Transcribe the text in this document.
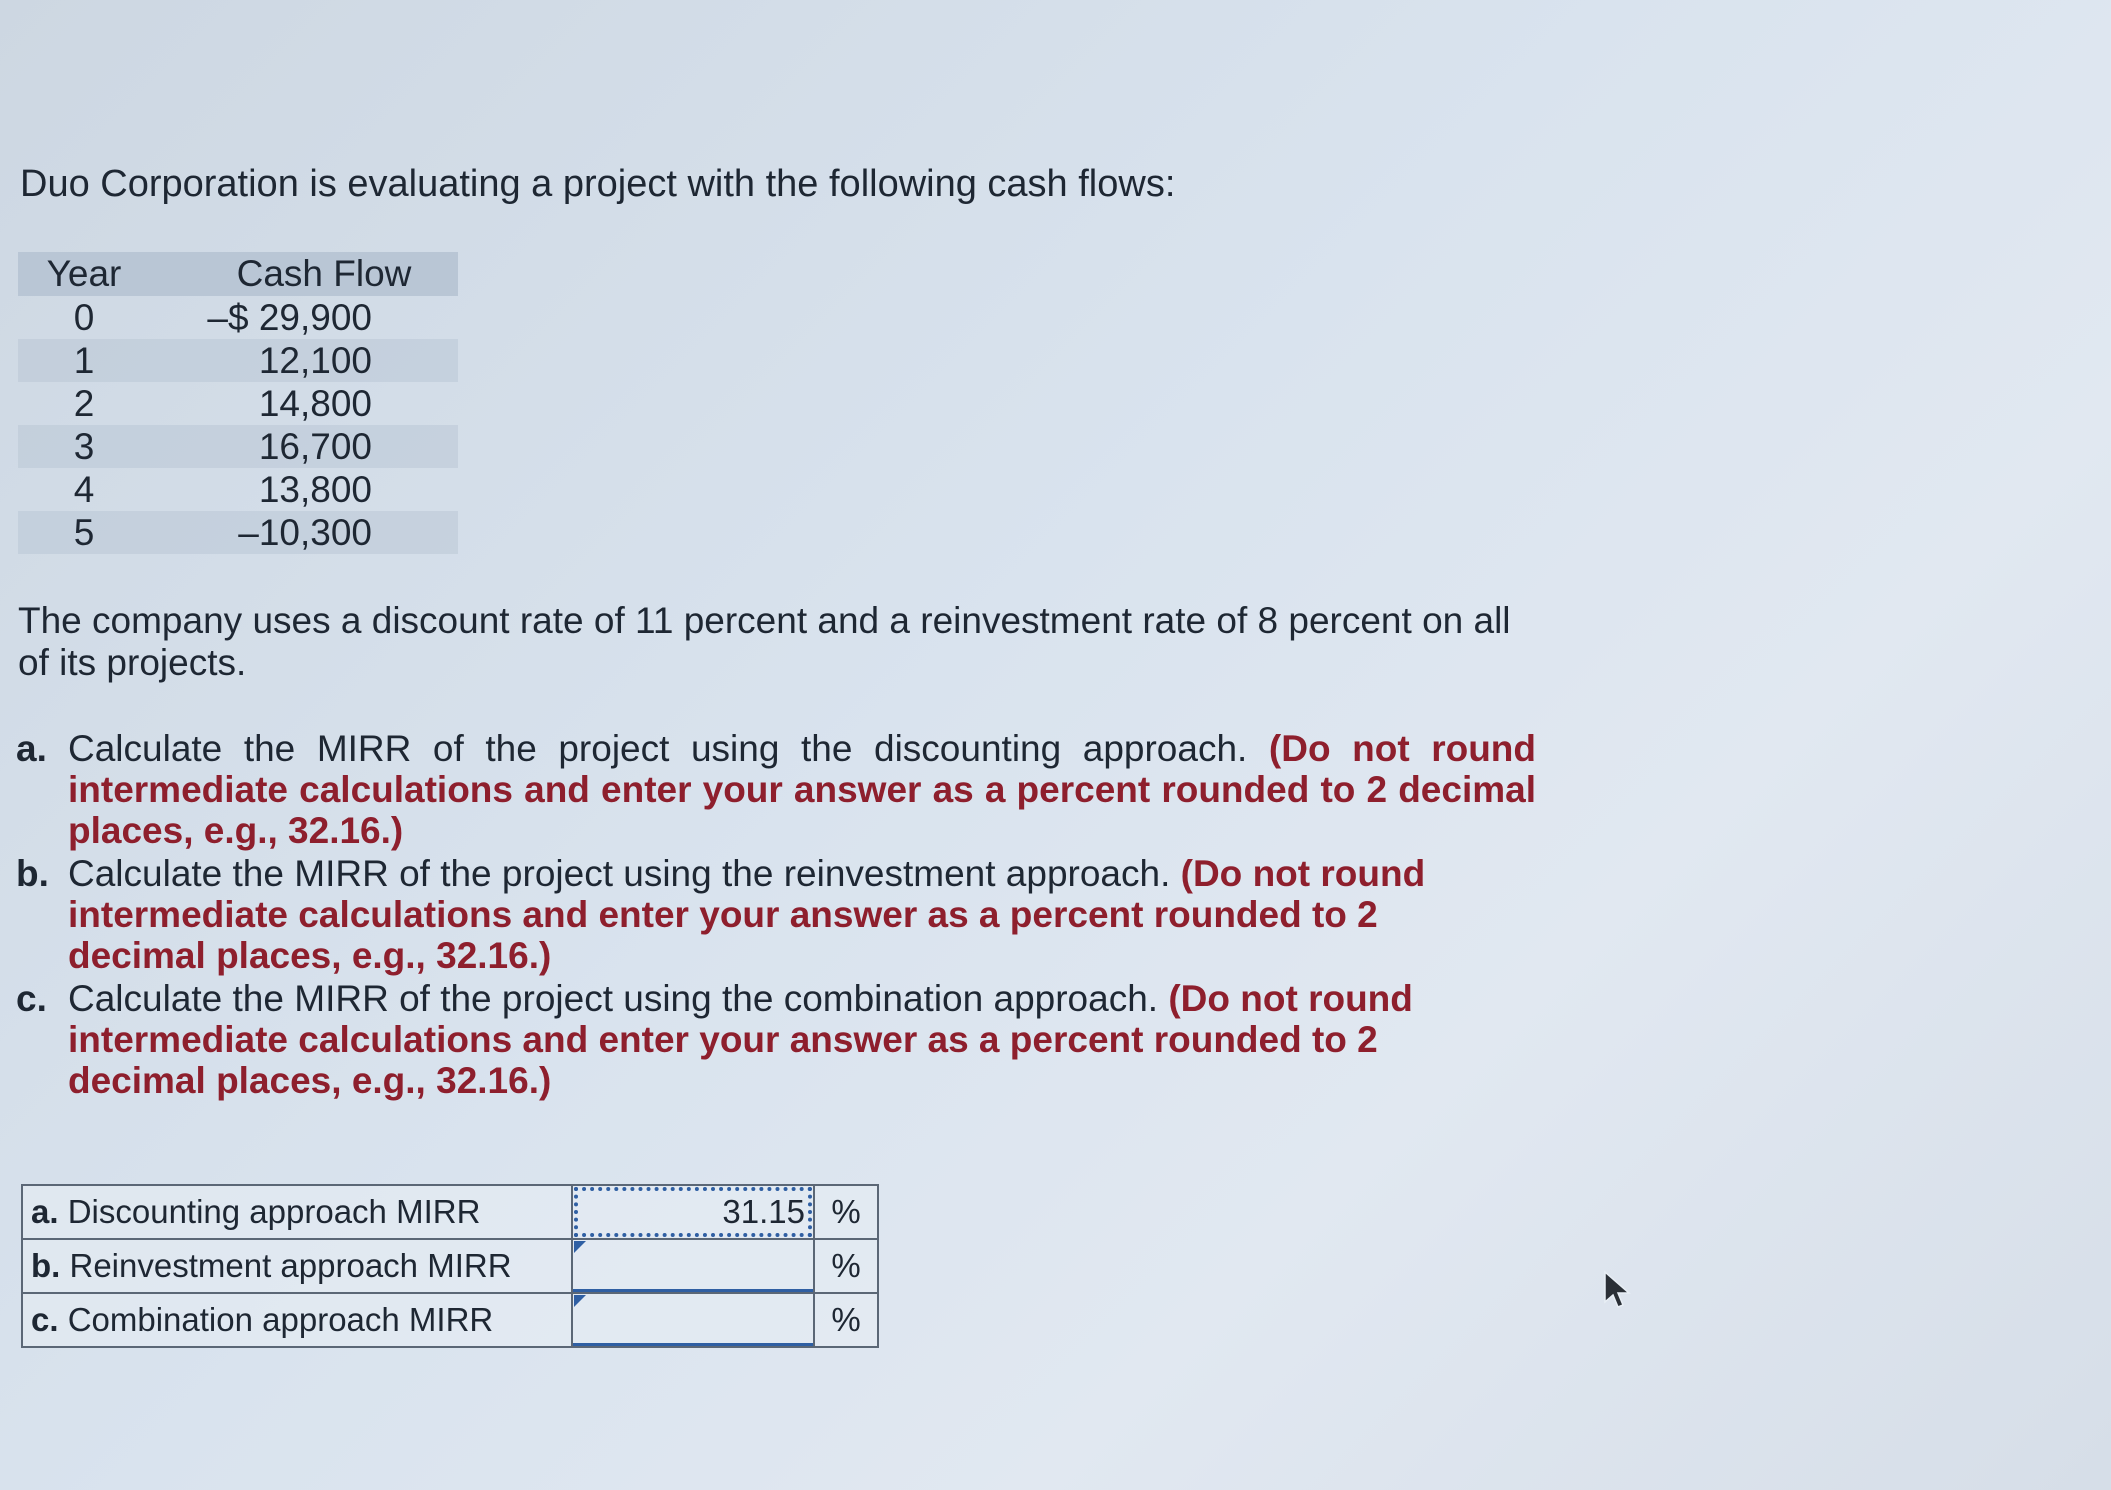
Duo Corporation is evaluating a project with the following cash flows:
Year	Cash Flow
0	–$ 29,900
1	12,100
2	14,800
3	16,700
4	13,800
5	–10,300
The company uses a discount rate of 11 percent and a reinvestment rate of 8 percent on all of its projects.
a. Calculate the MIRR of the project using the discounting approach. (Do not round intermediate calculations and enter your answer as a percent rounded to 2 decimal places, e.g., 32.16.)
b. Calculate the MIRR of the project using the reinvestment approach. (Do not round intermediate calculations and enter your answer as a percent rounded to 2 decimal places, e.g., 32.16.)
c. Calculate the MIRR of the project using the combination approach. (Do not round intermediate calculations and enter your answer as a percent rounded to 2 decimal places, e.g., 32.16.)
a. Discounting approach MIRR	31.15	%
b. Reinvestment approach MIRR		%
c. Combination approach MIRR		%
